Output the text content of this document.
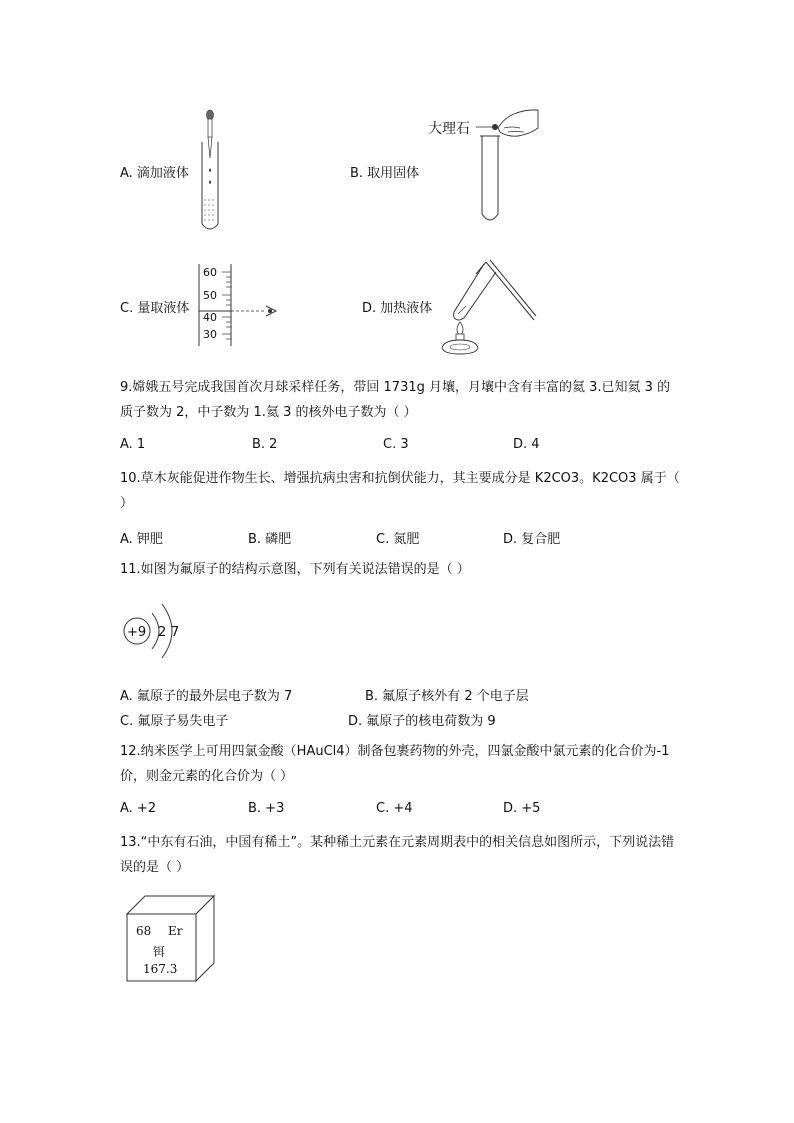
A. 滴加液体	B. 取用固体
大理石
C. 量取液体
60
50
40
30
D. 加热液体
9.嫦娥五号完成我国首次月球采样任务，带回 1731g 月壤，月壤中含有丰富的氦 3.已知氦 3 的质子数为 2，中子数为 1.氦 3 的核外电子数为（ ）
A. 1	B. 2	C. 3	D. 4
10.草木灰能促进作物生长、增强抗病虫害和抗倒伏能力，其主要成分是 K2CO3。K2CO3 属于（ ）
A. 钾肥	B. 磷肥	C. 氮肥	D. 复合肥
11.如图为氟原子的结构示意图，下列有关说法错误的是（ ）
+9 2 7
A. 氟原子的最外层电子数为 7	B. 氟原子核外有 2 个电子层
C. 氟原子易失电子	D. 氟原子的核电荷数为 9
12.纳米医学上可用四氯金酸（HAuCl4）制备包裹药物的外壳，四氯金酸中氯元素的化合价为-1 价，则金元素的化合价为（ ）
A. +2	B. +3	C. +4	D. +5
13.“中东有石油，中国有稀土”。某种稀土元素在元素周期表中的相关信息如图所示，下列说法错误的是（ ）
68 Er
铒
167.3
